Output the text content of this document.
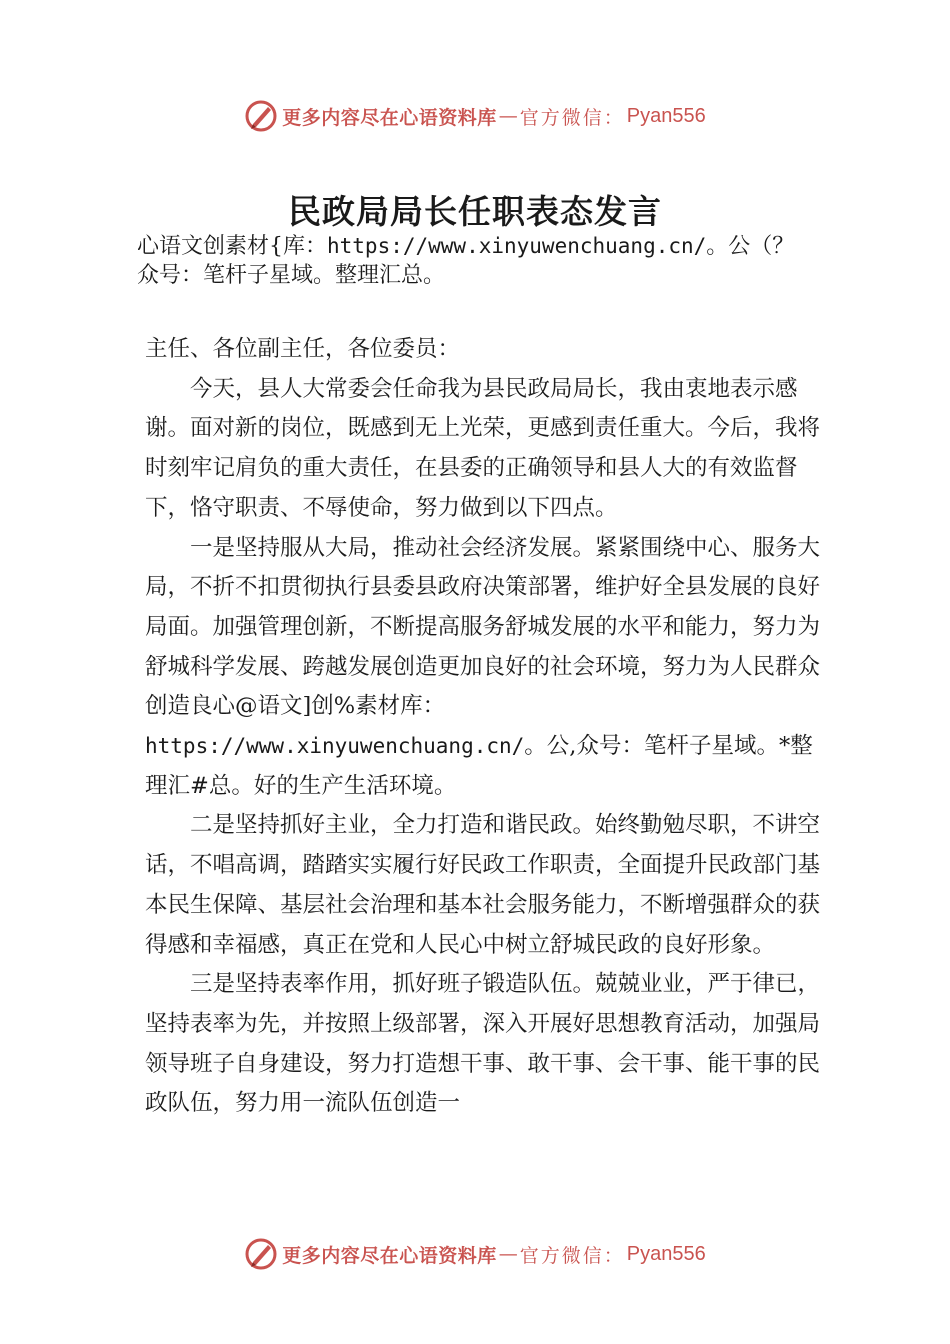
更多内容尽在心语资料库 — 官方微信： Pyan556
民政局局长任职表态发言
心语文创素材{库：https://www.xinyuwenchuang.cn/。公（？
众号：笔杆子星域。整理汇总。

主任、各位副主任，各位委员：

今天，县人大常委会任命我为县民政局局长，我由衷地表示感谢。面对新的岗位，既感到无上光荣，更感到责任重大。今后，我将时刻牢记肩负的重大责任，在县委的正确领导和县人大的有效监督下，恪守职责、不辱使命，努力做到以下四点。

一是坚持服从大局，推动社会经济发展。紧紧围绕中心、服务大局，不折不扣贯彻执行县委县政府决策部署，维护好全县发展的良好局面。加强管理创新，不断提高服务舒城发展的水平和能力，努力为舒城科学发展、跨越发展创造更加良好的社会环境，努力为人民群众创造良心@语文]创%素材库：https://www.xinyuwenchuang.cn/。公,众号：笔杆子星域。*整理汇#总。好的生产生活环境。

二是坚持抓好主业，全力打造和谐民政。始终勤勉尽职，不讲空话，不唱高调，踏踏实实履行好民政工作职责，全面提升民政部门基本民生保障、基层社会治理和基本社会服务能力，不断增强群众的获得感和幸福感，真正在党和人民心中树立舒城民政的良好形象。

三是坚持表率作用，抓好班子锻造队伍。兢兢业业，严于律已，坚持表率为先，并按照上级部署，深入开展好思想教育活动，加强局领导班子自身建设，努力打造想干事、敢干事、会干事、能干事的民政队伍，努力用一流队伍创造一

更多内容尽在心语资料库 — 官方微信： Pyan556
